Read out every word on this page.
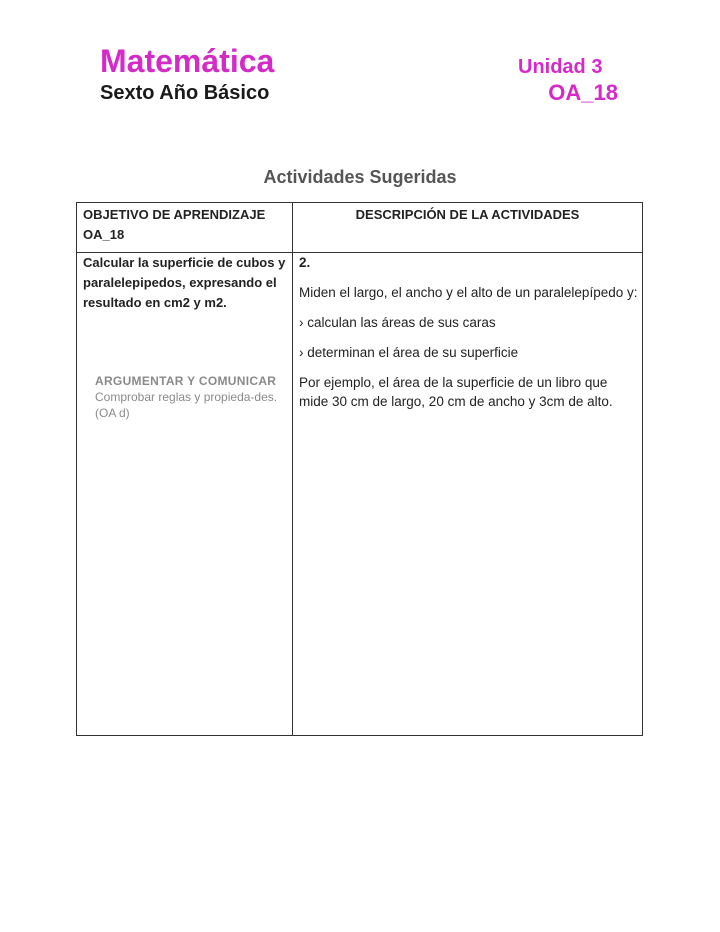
Matemática
Sexto Año Básico
Unidad 3
OA_18
Actividades Sugeridas
OBJETIVO DE APRENDIZAJE OA_18
DESCRIPCIÓN DE LA ACTIVIDADES
Calcular la superficie de cubos y paralelepipedos, expresando el resultado en cm2 y m2.
ARGUMENTAR Y COMUNICAR
Comprobar reglas y propieda-des. (OA d)
2.

Miden el largo, el ancho y el alto de un paralelepípedo y:

› calculan las áreas de sus caras

› determinan el área de su superficie

Por ejemplo, el área de la superficie de un libro que mide 30 cm de largo, 20 cm de ancho y 3cm de alto.
